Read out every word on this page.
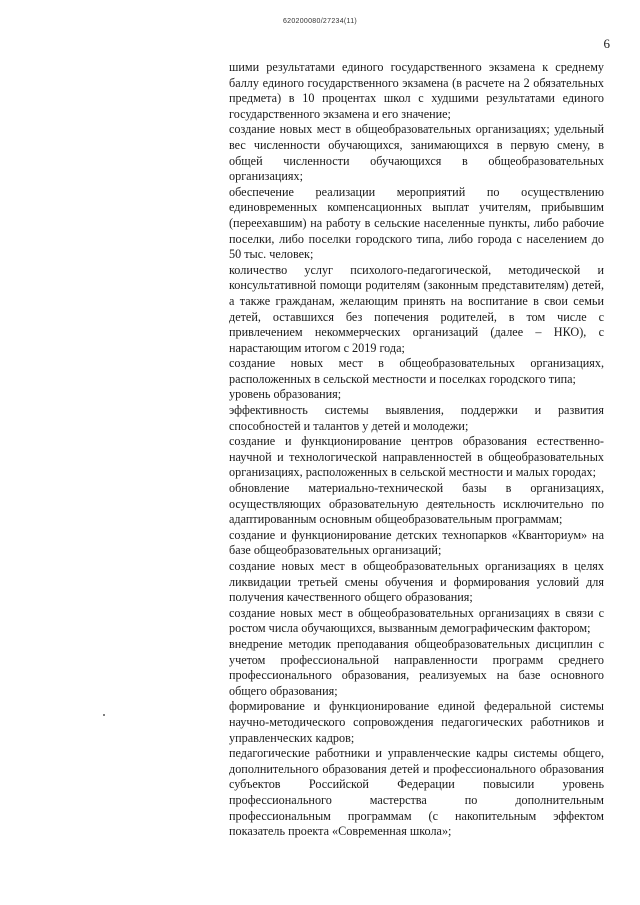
620200080/27234(11)
6

шими результатами единого государственного экзамена к среднему баллу единого государственного экзамена (в расчете на 2 обязательных предмета) в 10 процентах школ с худшими результатами единого государственного экзамена и его значение;

создание новых мест в общеобразовательных организациях; удельный вес численности обучающихся, занимающихся в первую смену, в общей численности обучающихся в общеобразовательных организациях;

обеспечение реализации мероприятий по осуществлению единовременных компенсационных выплат учителям, прибывшим (переехавшим) на работу в сельские населенные пункты, либо рабочие поселки, либо поселки городского типа, либо города с населением до 50 тыс. человек;

количество услуг психолого-педагогической, методической и консультативной помощи родителям (законным представителям) детей, а также гражданам, желающим принять на воспитание в свои семьи детей, оставшихся без попечения родителей, в том числе с привлечением некоммерческих организаций (далее – НКО), с нарастающим итогом с 2019 года;

создание новых мест в общеобразовательных организациях, расположенных в сельской местности и поселках городского типа;

уровень образования;

эффективность системы выявления, поддержки и развития способностей и талантов у детей и молодежи;

создание и функционирование центров образования естественно-научной и технологической направленностей в общеобразовательных организациях, расположенных в сельской местности и малых городах;

обновление материально-технической базы в организациях, осуществляющих образовательную деятельность исключительно по адаптированным основным общеобразовательным программам;

создание и функционирование детских технопарков «Кванториум» на базе общеобразовательных организаций;

создание новых мест в общеобразовательных организациях в целях ликвидации третьей смены обучения и формирования условий для получения качественного общего образования;

создание новых мест в общеобразовательных организациях в связи с ростом числа обучающихся, вызванным демографическим фактором;

внедрение методик преподавания общеобразовательных дисциплин с учетом профессиональной направленности программ среднего профессионального образования, реализуемых на базе основного общего образования;

формирование и функционирование единой федеральной системы научно-методического сопровождения педагогических работников и управленческих кадров;

педагогические работники и управленческие кадры системы общего, дополнительного образования детей и профессионального образования субъектов Российской Федерации повысили уровень профессионального мастерства по дополнительным профессиональным программам (с накопительным эффектом показатель проекта «Современная школа»;
